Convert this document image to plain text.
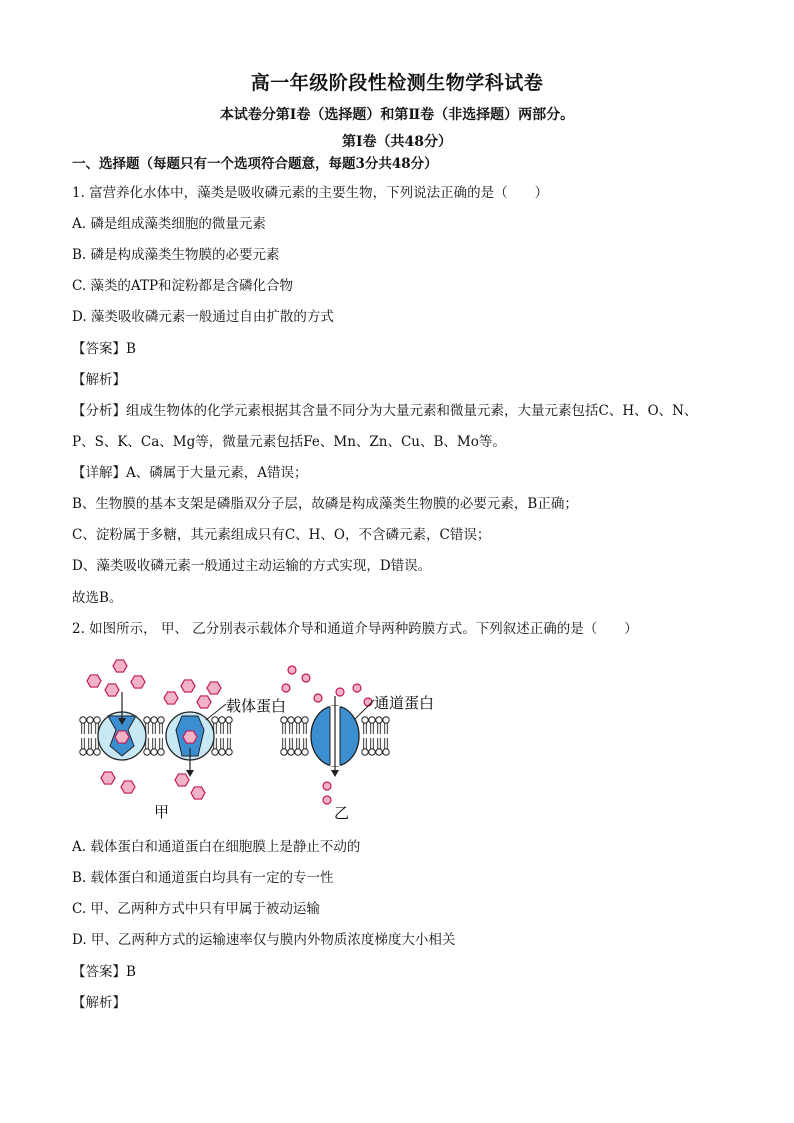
高一年级阶段性检测生物学科试卷
本试卷分第Ⅰ卷（选择题）和第Ⅱ卷（非选择题）两部分。
第Ⅰ卷（共48分）
一、选择题（每题只有一个选项符合题意，每题3分共48分）
1. 富营养化水体中，藻类是吸收磷元素的主要生物，下列说法正确的是（　　）
A. 磷是组成藻类细胞的微量元素
B. 磷是构成藻类生物膜的必要元素
C. 藻类的ATP和淀粉都是含磷化合物
D. 藻类吸收磷元素一般通过自由扩散的方式
【答案】B
【解析】
【分析】组成生物体的化学元素根据其含量不同分为大量元素和微量元素，大量元素包括C、H、O、N、
P、S、K、Ca、Mg等，微量元素包括Fe、Mn、Zn、Cu、B、Mo等。
【详解】A、磷属于大量元素，A错误；
B、生物膜的基本支架是磷脂双分子层，故磷是构成藻类生物膜的必要元素，B正确；
C、淀粉属于多糖，其元素组成只有C、H、O，不含磷元素，C错误；
D、藻类吸收磷元素一般通过主动运输的方式实现，D错误。
故选B。
2. 如图所示， 甲、 乙分别表示载体介导和通道介导两种跨膜方式。下列叙述正确的是（　　）
载体蛋白
甲
通道蛋白
乙
A. 载体蛋白和通道蛋白在细胞膜上是静止不动的
B. 载体蛋白和通道蛋白均具有一定的专一性
C. 甲、乙两种方式中只有甲属于被动运输
D. 甲、乙两种方式的运输速率仅与膜内外物质浓度梯度大小相关
【答案】B
【解析】
